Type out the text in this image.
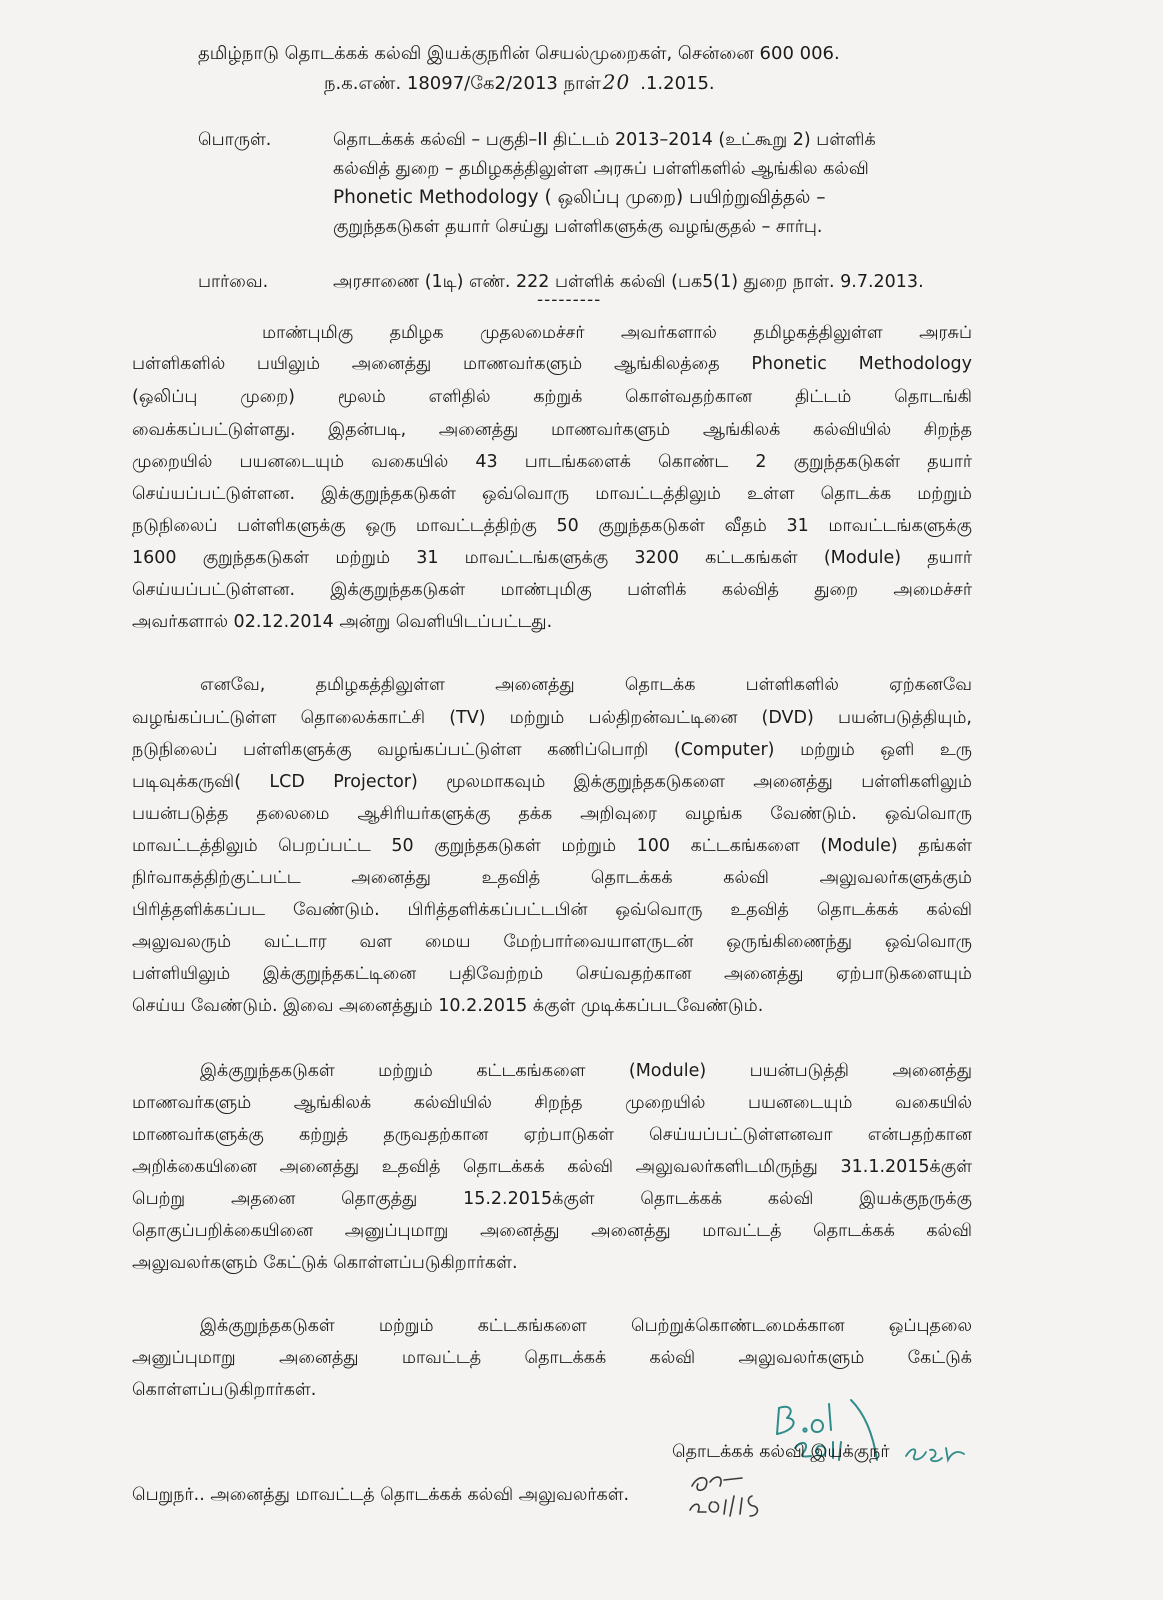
தமிழ்நாடு தொடக்கக் கல்வி இயக்குநரின் செயல்முறைகள், சென்னை 600 006.
ந.க.எண். 18097/கே2/2013 நாள் 20 .1.2015.
பொருள்.	தொடக்கக் கல்வி – பகுதி–II திட்டம் 2013–2014 (உட்கூறு 2) பள்ளிக்
கல்வித் துறை – தமிழகத்திலுள்ள அரசுப் பள்ளிகளில் ஆங்கில கல்வி
Phonetic Methodology ( ஒலிப்பு முறை) பயிற்றுவித்தல் –
குறுந்தகடுகள் தயார் செய்து பள்ளிகளுக்கு வழங்குதல் – சார்பு.
பார்வை.	அரசாணை (1டி) எண். 222 பள்ளிக் கல்வி (பக5(1) துறை நாள். 9.7.2013.
---------
மாண்புமிகு தமிழக முதலமைச்சர் அவர்களால் தமிழகத்திலுள்ள அரசுப்
பள்ளிகளில் பயிலும் அனைத்து மாணவர்களும் ஆங்கிலத்தை Phonetic Methodology
(ஒலிப்பு முறை) மூலம் எளிதில் கற்றுக் கொள்வதற்கான திட்டம் தொடங்கி
வைக்கப்பட்டுள்ளது. இதன்படி, அனைத்து மாணவர்களும் ஆங்கிலக் கல்வியில் சிறந்த
முறையில் பயனடையும் வகையில் 43 பாடங்களைக் கொண்ட 2 குறுந்தகடுகள் தயார்
செய்யப்பட்டுள்ளன. இக்குறுந்தகடுகள் ஒவ்வொரு மாவட்டத்திலும் உள்ள தொடக்க மற்றும்
நடுநிலைப் பள்ளிகளுக்கு ஒரு மாவட்டத்திற்கு 50 குறுந்தகடுகள் வீதம் 31 மாவட்டங்களுக்கு
1600 குறுந்தகடுகள் மற்றும் 31 மாவட்டங்களுக்கு 3200 கட்டகங்கள் (Module) தயார்
செய்யப்பட்டுள்ளன. இக்குறுந்தகடுகள் மாண்புமிகு பள்ளிக் கல்வித் துறை அமைச்சர்
அவர்களால் 02.12.2014 அன்று வெளியிடப்பட்டது.
எனவே, தமிழகத்திலுள்ள அனைத்து தொடக்க பள்ளிகளில் ஏற்கனவே
வழங்கப்பட்டுள்ள தொலைக்காட்சி (TV) மற்றும் பல்திறன்வட்டினை (DVD) பயன்படுத்தியும்,
நடுநிலைப் பள்ளிகளுக்கு வழங்கப்பட்டுள்ள கணிப்பொறி (Computer) மற்றும் ஒளி உரு
படிவுக்கருவி( LCD Projector) மூலமாகவும் இக்குறுந்தகடுகளை அனைத்து பள்ளிகளிலும்
பயன்படுத்த தலைமை ஆசிரியர்களுக்கு தக்க அறிவுரை வழங்க வேண்டும். ஒவ்வொரு
மாவட்டத்திலும் பெறப்பட்ட 50 குறுந்தகடுகள் மற்றும் 100 கட்டகங்களை (Module) தங்கள்
நிர்வாகத்திற்குட்பட்ட அனைத்து உதவித் தொடக்கக் கல்வி அலுவலர்களுக்கும்
பிரித்தளிக்கப்பட வேண்டும். பிரித்தளிக்கப்பட்டபின் ஒவ்வொரு உதவித் தொடக்கக் கல்வி
அலுவலரும் வட்டார வள மைய மேற்பார்வையாளருடன் ஒருங்கிணைந்து ஒவ்வொரு
பள்ளியிலும் இக்குறுந்தகட்டினை பதிவேற்றம் செய்வதற்கான அனைத்து ஏற்பாடுகளையும்
செய்ய வேண்டும். இவை அனைத்தும் 10.2.2015 க்குள் முடிக்கப்படவேண்டும்.
இக்குறுந்தகடுகள் மற்றும் கட்டகங்களை (Module) பயன்படுத்தி அனைத்து
மாணவர்களும் ஆங்கிலக் கல்வியில் சிறந்த முறையில் பயனடையும் வகையில்
மாணவர்களுக்கு கற்றுத் தருவதற்கான ஏற்பாடுகள் செய்யப்பட்டுள்ளனவா என்பதற்கான
அறிக்கையினை அனைத்து உதவித் தொடக்கக் கல்வி அலுவலர்களிடமிருந்து 31.1.2015க்குள்
பெற்று அதனை தொகுத்து 15.2.2015க்குள் தொடக்கக் கல்வி இயக்குநருக்கு
தொகுப்பறிக்கையினை அனுப்புமாறு அனைத்து அனைத்து மாவட்டத் தொடக்கக் கல்வி
அலுவலர்களும் கேட்டுக் கொள்ளப்படுகிறார்கள்.
இக்குறுந்தகடுகள் மற்றும் கட்டகங்களை பெற்றுக்கொண்டமைக்கான ஒப்புதலை
அனுப்புமாறு அனைத்து மாவட்டத் தொடக்கக் கல்வி அலுவலர்களும் கேட்டுக்
கொள்ளப்படுகிறார்கள்.
தொடக்கக் கல்வி இயக்குநர்
பெறுநர்.. அனைத்து மாவட்டத் தொடக்கக் கல்வி அலுவலர்கள்.
